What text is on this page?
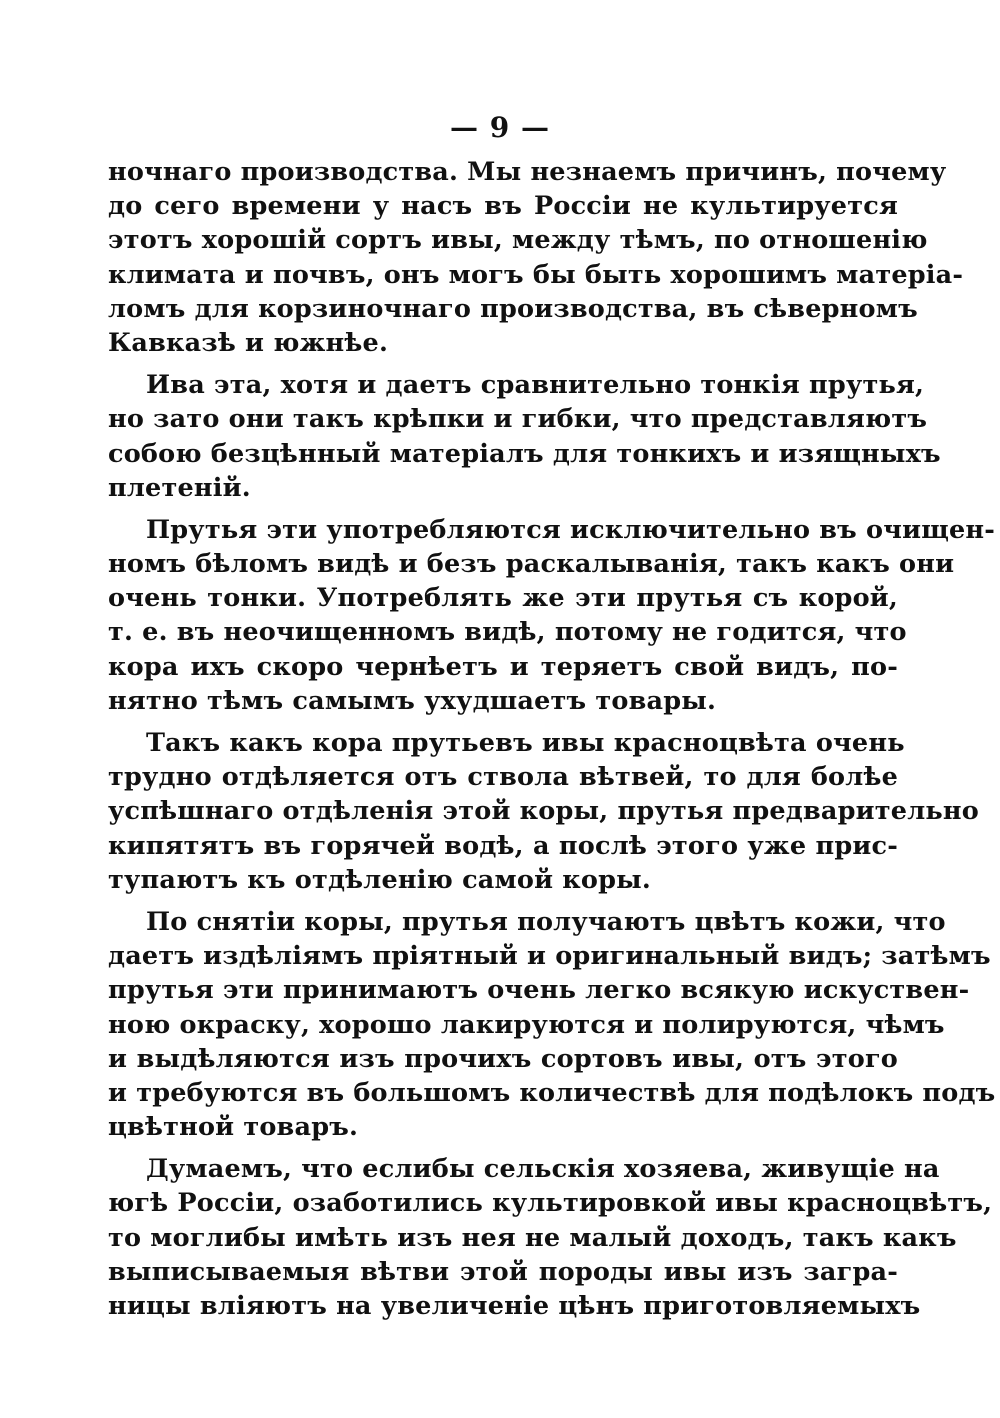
— 9 —
ночнаго производства. Мы незнаемъ причинъ, почему
до сего времени у насъ въ Россіи не культируется
этотъ хорошій сортъ ивы, между тѣмъ, по отношенію
климата и почвъ, онъ могъ бы быть хорошимъ матеріа-
ломъ для корзиночнаго производства, въ сѣверномъ
Кавказѣ и южнѣе.
Ива эта, хотя и даетъ сравнительно тонкія прутья,
но зато они такъ крѣпки и гибки, что представляютъ
собою безцѣнный матеріалъ для тонкихъ и изящныхъ
плетеній.
Прутья эти употребляются исключительно въ очищен-
номъ бѣломъ видѣ и безъ раскалыванія, такъ какъ они
очень тонки. Употреблять же эти прутья съ корой,
т. е. въ неочищенномъ видѣ, потому не годится, что
кора ихъ скоро чернѣетъ и теряетъ свой видъ, по-
нятно тѣмъ самымъ ухудшаетъ товары.
Такъ какъ кора прутьевъ ивы красноцвѣта очень
трудно отдѣляется отъ ствола вѣтвей, то для болѣе
успѣшнаго отдѣленія этой коры, прутья предварительно
кипятятъ въ горячей водѣ, а послѣ этого уже прис-
тупаютъ къ отдѣленію самой коры.
По снятіи коры, прутья получаютъ цвѣтъ кожи, что
даетъ издѣліямъ пріятный и оригинальный видъ; затѣмъ
прутья эти принимаютъ очень легко всякую искуствен-
ною окраску, хорошо лакируются и полируются, чѣмъ
и выдѣляются изъ прочихъ сортовъ ивы, отъ этого
и требуются въ большомъ количествѣ для подѣлокъ подъ
цвѣтной товаръ.
Думаемъ, что еслибы сельскія хозяева, живущіе на
югѣ Россіи, озаботились культировкой ивы красноцвѣтъ,
то моглибы имѣть изъ нея не малый доходъ, такъ какъ
выписываемыя вѣтви этой породы ивы изъ загра-
ницы вліяютъ на увеличеніе цѣнъ приготовляемыхъ
